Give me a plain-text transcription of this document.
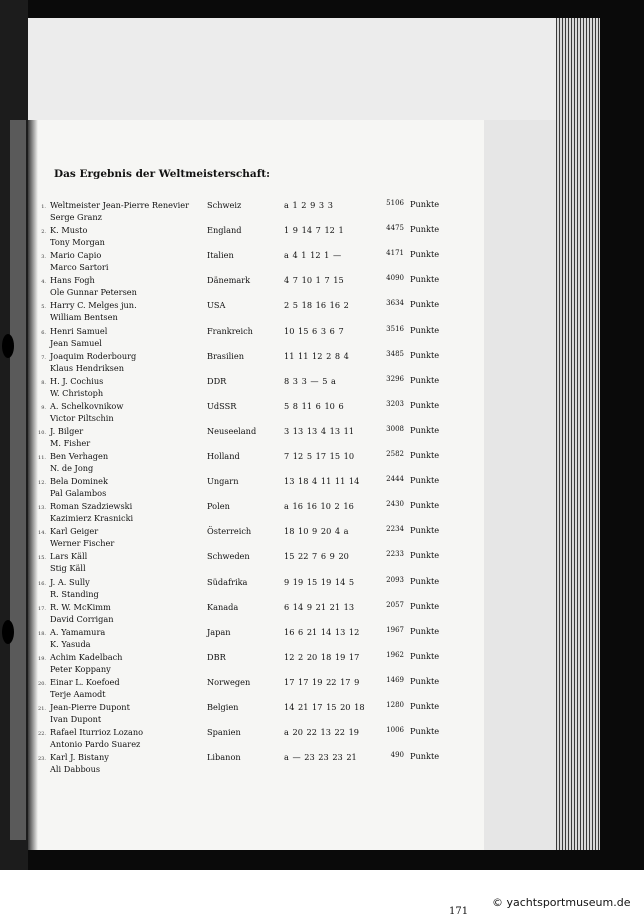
1. Weltmeister Jean-Pierre Renevier
Serge Granz
Schweiz	a 1 2 9 3 3	5106 Punkte
2. K. Musto
Tony Morgan
England	1 9 14 7 12 1	4475 Punkte
3. Mario Capio
Marco Sartori
Italien	a 4 1 12 1 —	4171 Punkte
4. Hans Fogh
Ole Gunnar Petersen
Dänemark	4 7 10 1 7 15	4090 Punkte
5. Harry C. Melges jun.
William Bentsen
USA	2 5 18 16 16 2	3634 Punkte
6. Henri Samuel
Jean Samuel
Frankreich	10 15 6 3 6 7	3516 Punkte
7. Joaquim Roderbourg
Klaus Hendriksen
Brasilien	11 11 12 2 8 4	3485 Punkte
8. H. J. Cochius
W. Christoph
DDR	8 3 3 — 5 a	3296 Punkte
9. A. Schelkovnikow
Victor Piltschin
UdSSR	5 8 11 6 10 6	3203 Punkte
10. J. Bilger
M. Fisher
Neuseeland	3 13 13 4 13 11	3008 Punkte
11. Ben Verhagen
N. de Jong
Holland	7 12 5 17 15 10	2582 Punkte
12. Bela Dominek
Pal Galambos
Ungarn	13 18 4 11 11 14	2444 Punkte
13. Roman Szadziewski
Kazimierz Krasnicki
Polen	a 16 16 10 2 16	2430 Punkte
14. Karl Geiger
Werner Fischer
Österreich	18 10 9 20 4 a	2234 Punkte
15. Lars Käll
Stig Käll
Schweden	15 22 7 6 9 20	2233 Punkte
16. J. A. Sully
R. Standing
Südafrika	9 19 15 19 14 5	2093 Punkte
17. R. W. McKimm
David Corrigan
Kanada	6 14 9 21 21 13	2057 Punkte
18. A. Yamamura
K. Yasuda
Japan	16 6 21 14 13 12	1967 Punkte
19. Achim Kadelbach
Peter Koppany
DBR	12 2 20 18 19 17	1962 Punkte
20. Einar L. Koefoed
Terje Aamodt
Norwegen	17 17 19 22 17 9	1469 Punkte
21. Jean-Pierre Dupont
Ivan Dupont
Belgien	14 21 17 15 20 18	1280 Punkte
22. Rafael Iturrioz Lozano
Antonio Pardo Suarez
Spanien	a 20 22 13 22 19	1006 Punkte
23. Karl J. Bistany
Ali Dabbous
Libanon	a — 23 23 23 21	490 Punkte
171
Das Ergebnis der Weltmeisterschaft:
© yachtsportmuseum.de
